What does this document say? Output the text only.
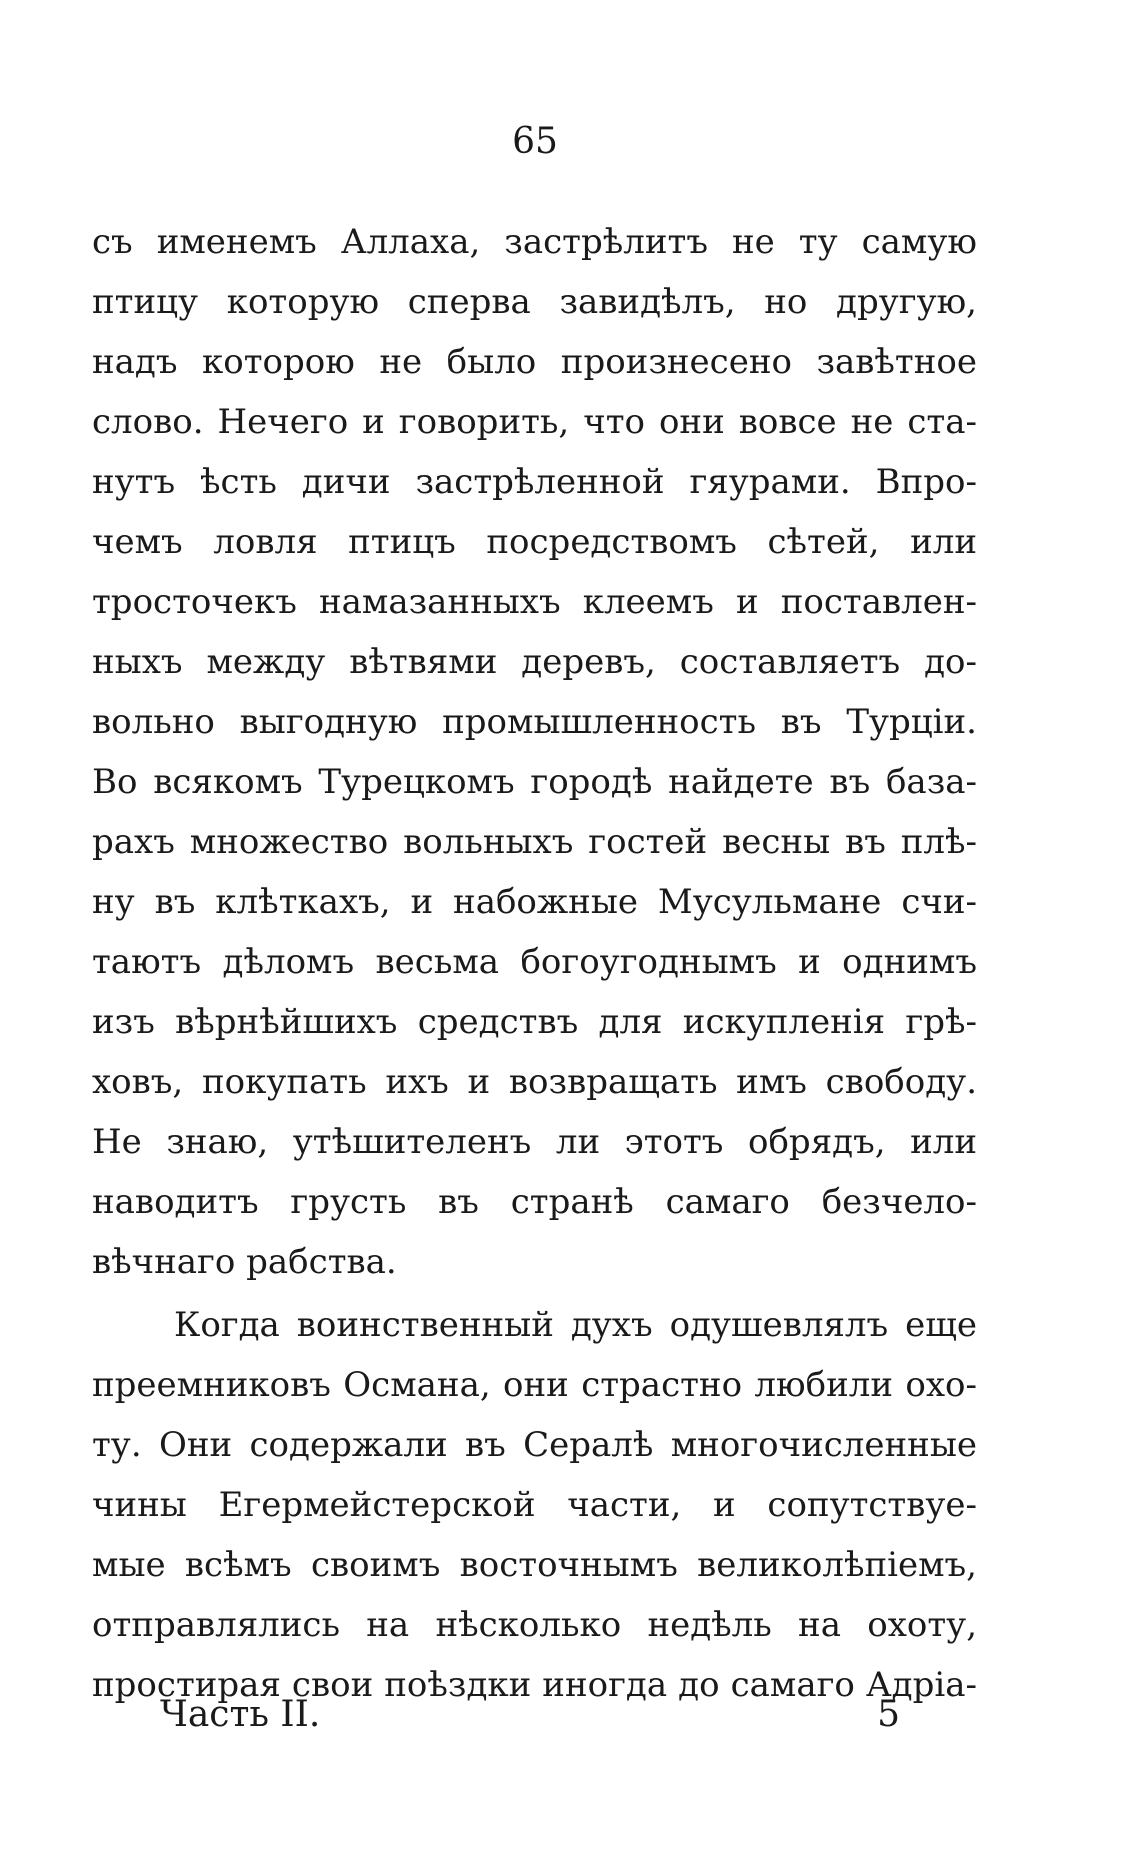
65
съ именемъ Аллаха, застрѣлитъ не ту самую
птицу которую сперва завидѣлъ, но другую,
надъ которою не было произнесено завѣтное
слово. Нечего и говорить, что они вовсе не ста-
нутъ ѣсть дичи застрѣленной гяурами. Впро-
чемъ ловля птицъ посредствомъ сѣтей, или
тросточекъ намазанныхъ клеемъ и поставлен-
ныхъ между вѣтвями деревъ, составляетъ до-
вольно выгодную промышленность въ Турціи.
Во всякомъ Турецкомъ городѣ найдете въ база-
рахъ множество вольныхъ гостей весны въ плѣ-
ну въ клѣткахъ, и набожные Мусульмане счи-
таютъ дѣломъ весьма богоугоднымъ и однимъ
изъ вѣрнѣйшихъ средствъ для искупленія грѣ-
ховъ, покупать ихъ и возвращать имъ свободу.
Не знаю, утѣшителенъ ли этотъ обрядъ, или
наводитъ грусть въ странѣ самаго безчело-
вѣчнаго рабства.
Когда воинственный духъ одушевлялъ еще
преемниковъ Османа, они страстно любили охо-
ту. Они содержали въ Сералѣ многочисленные
чины Егермейстерской части, и сопутствуе-
мые всѣмъ своимъ восточнымъ великолѣпіемъ,
отправлялись на нѣсколько недѣль на охоту,
простирая свои поѣздки иногда до самаго Адріа-
Часть II.	5
